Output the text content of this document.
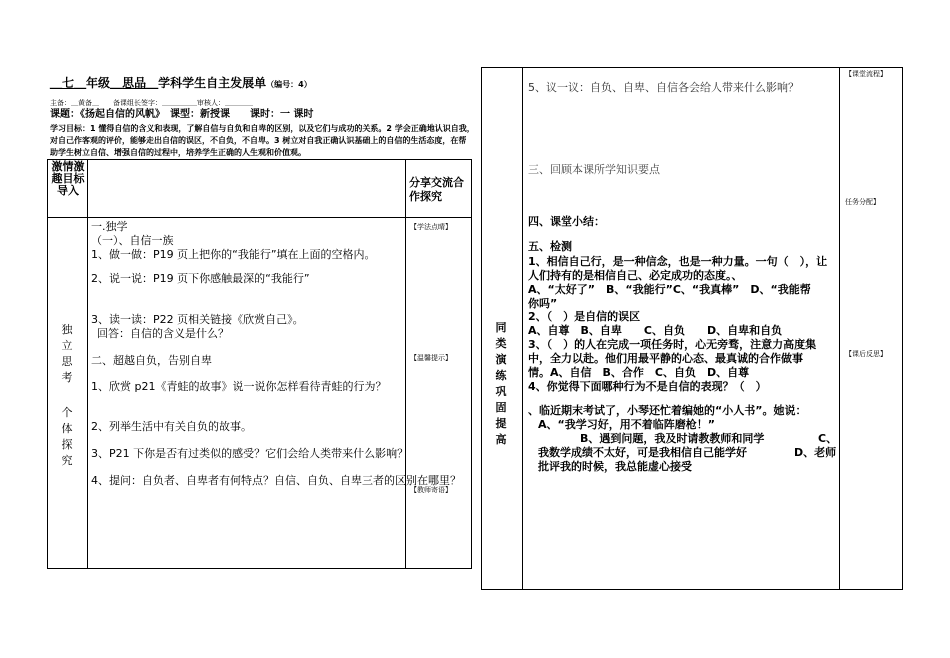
＿七＿年级＿思品＿学科学生自主发展单（编号：4）
主备：＿黄备＿　　备课组长签字：＿＿＿＿＿审核人：＿＿＿＿
课题：《扬起自信的风帆》　课型：新授课　　课时：一 课时
学习目标：1 懂得自信的含义和表现，了解自信与自负和自卑的区别，以及它们与成功的关系。2 学会正确地认识自我，
对自己作客观的评价，能够走出自信的误区，不自负，不自卑。3 树立对自我正确认识基础上的自信的生活态度，在帮
助学生树立自信、增强自信的过程中，培养学生正确的人生观和价值观。
激情激趣目标导入
分享交流合作探究
独立思考
个体探究
一.独学
（一）、自信一族
1、做一做：P19 页上把你的“我能行”填在上面的空格内。
2、说一说：P19 页下你感触最深的“我能行”
3、读一读：P22 页相关链接《欣赏自己》。
回答：自信的含义是什么？
二、超越自负，告别自卑
1、欣赏 p21《青蛙的故事》说一说你怎样看待青蛙的行为？
2、列举生活中有关自负的故事。
3、P21 下你是否有过类似的感受？它们会给人类带来什么影响？
4、提问：自负者、自卑者有何特点？自信、自负、自卑三者的区别在哪里？
【学法点晴】
【温馨提示】
【教师寄语】
同类演练巩固提高
5、议一议：自负、自卑、自信各会给人带来什么影响？
三、回顾本课所学知识要点
四、课堂小结：
五、检测
1、相信自己行，是一种信念，也是一种力量。一句（　），让
人们持有的是相信自己、必定成功的态度。、
A、“太好了”　B、“我能行”C、“我真棒”　D、“我能帮
你吗”
2、（　）是自信的误区
A、自尊　B、自卑　　C、自负　　D、自卑和自负
3、（　）的人在完成一项任务时，心无旁骛，注意力高度集
中，全力以赴。他们用最平静的心态、最真诚的合作做事
情。A、自信　B、合作　C、自负　D、自尊
4、你觉得下面哪种行为不是自信的表现？（　）
、临近期末考试了，小琴还忙着编她的“小人书”。她说：
A、“我学习好，用不着临阵磨枪！”
B、遇到问题，我及时请教教师和同学	C、
我数学成绩不太好，可是我相信自己能学好	D、老师
批评我的时候，我总能虚心接受
【课堂流程】
任务分配】
【课后反思】
